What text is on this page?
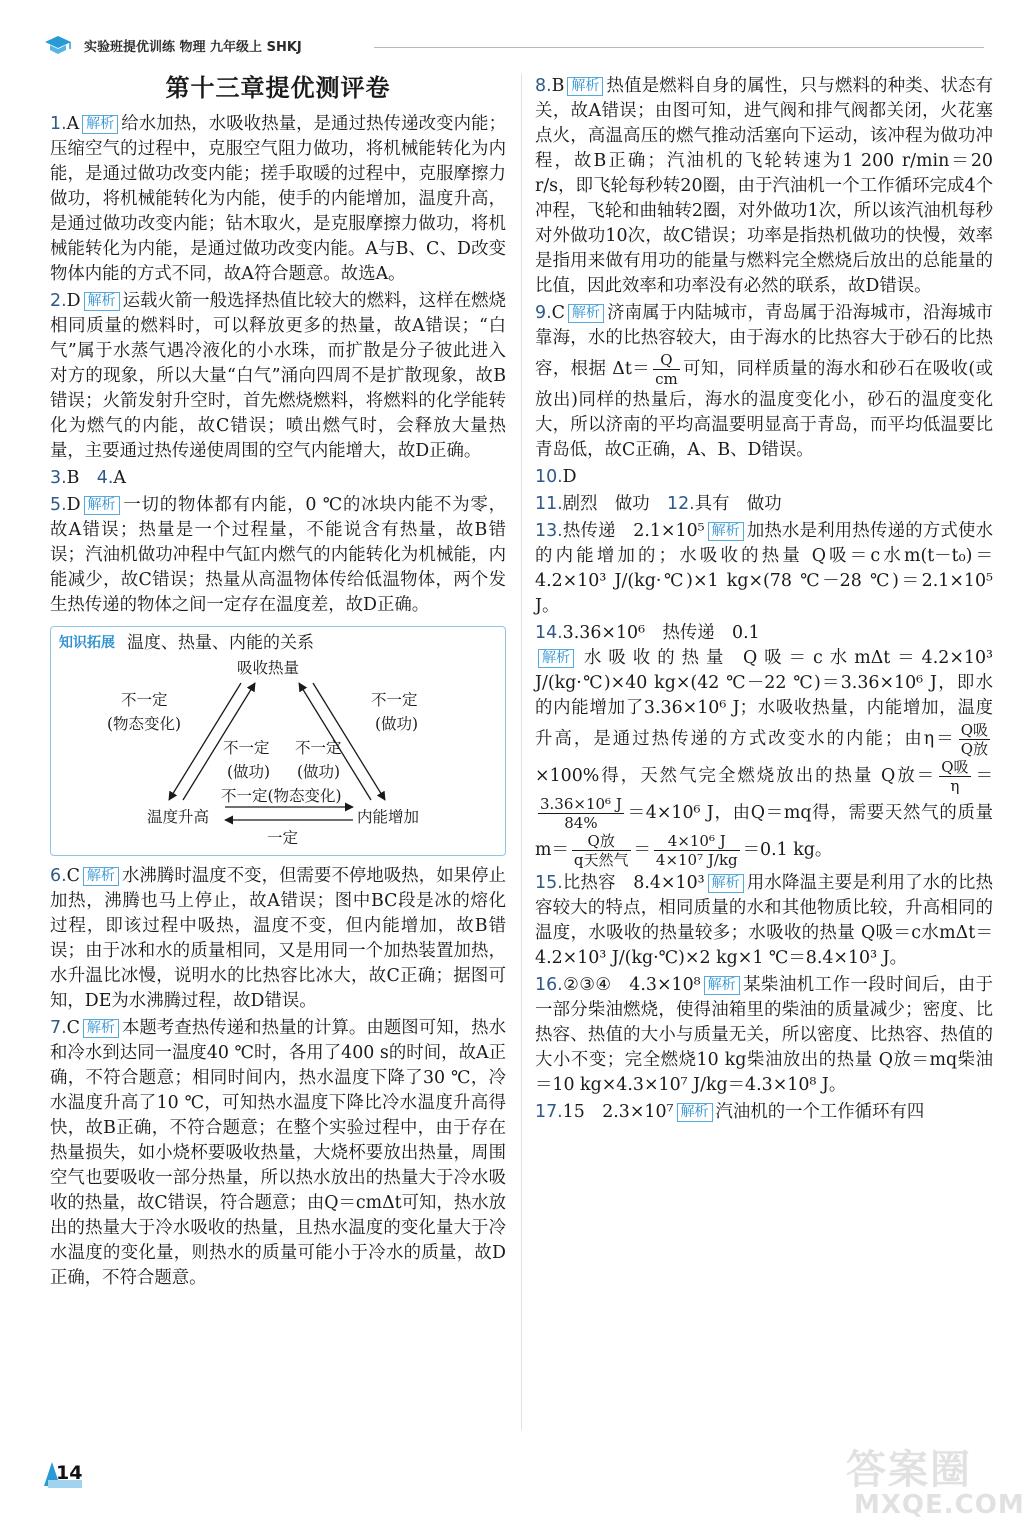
实验班提优训练 物理 九年级上 SHKJ
第十三章提优测评卷

1.A 解析 给水加热，水吸收热量，是通过热传递改变内能；压缩空气的过程中，克服空气阻力做功，将机械能转化为内能，是通过做功改变内能；搓手取暖的过程中，克服摩擦力做功，将机械能转化为内能，使手的内能增加，温度升高，是通过做功改变内能；钻木取火，是克服摩擦力做功，将机械能转化为内能，是通过做功改变内能。A与B、C、D改变物体内能的方式不同，故A符合题意。故选A。

2.D 解析 运载火箭一般选择热值比较大的燃料，这样在燃烧相同质量的燃料时，可以释放更多的热量，故A错误；“白气”属于水蒸气遇冷液化的小水珠，而扩散是分子彼此进入对方的现象，所以大量“白气”涌向四周不是扩散现象，故B错误；火箭发射升空时，首先燃烧燃料，将燃料的化学能转化为燃气的内能，故C错误；喷出燃气时，会释放大量热量，主要通过热传递使周围的空气内能增大，故D正确。

3.B　 4.A

5.D 解析 一切的物体都有内能，0 ℃的冰块内能不为零，故A错误；热量是一个过程量，不能说含有热量，故B错误；汽油机做功冲程中气缸内燃气的内能转化为机械能，内能减少，故C错误；热量从高温物体传给低温物体，两个发生热传递的物体之间一定存在温度差，故D正确。

知识拓展 温度、热量、内能的关系
吸收热量
温度升高	内能增加
不一定
(物态变化)
不一定
(做功)
不一定
(做功)
不一定
(做功)
不一定(物态变化)
一定

6.C 解析 水沸腾时温度不变，但需要不停地吸热，如果停止加热，沸腾也马上停止，故A错误；图中BC段是冰的熔化过程，即该过程中吸热，温度不变，但内能增加，故B错误；由于冰和水的质量相同，又是用同一个加热装置加热，水升温比冰慢，说明水的比热容比冰大，故C正确；据图可知，DE为水沸腾过程，故D错误。

7.C 解析 本题考查热传递和热量的计算。由题图可知，热水和冷水到达同一温度40 ℃时，各用了400 s的时间，故A正确，不符合题意；相同时间内，热水温度下降了30 ℃，冷水温度升高了10 ℃，可知热水温度下降比冷水温度升高得快，故B正确，不符合题意；在整个实验过程中，由于存在热量损失，如小烧杯要吸收热量，大烧杯要放出热量，周围空气也要吸收一部分热量，所以热水放出的热量大于冷水吸收的热量，故C错误，符合题意；由Q＝cmΔt可知，热水放出的热量大于冷水吸收的热量，且热水温度的变化量大于冷水温度的变化量，则热水的质量可能小于冷水的质量，故D正确，不符合题意。

8.B 解析 热值是燃料自身的属性，只与燃料的种类、状态有关，故A错误；由图可知，进气阀和排气阀都关闭，火花塞点火，高温高压的燃气推动活塞向下运动，该冲程为做功冲程，故B正确；汽油机的飞轮转速为1 200 r/min＝20 r/s，即飞轮每秒转20圈，由于汽油机一个工作循环完成4个冲程，飞轮和曲轴转2圈，对外做功1次，所以该汽油机每秒对外做功10次，故C错误；功率是指热机做功的快慢，效率是指用来做有用功的能量与燃料完全燃烧后放出的总能量的比值，因此效率和功率没有必然的联系，故D错误。

9.C 解析 济南属于内陆城市，青岛属于沿海城市，沿海城市靠海，水的比热容较大，由于海水的比热容大于砂石的比热容，根据 $\Delta t= \frac{Q}{cm}$ 可知，同样质量的海水和砂石在吸收(或放出)同样的热量后，海水的温度变化小，砂石的温度变化大，所以济南的平均高温要明显高于青岛，而平均低温要比青岛低，故C正确，A、B、D错误。

10.D

11.剧烈　做功　 12.具有　做功

13.热传递　2.1×10⁵ 解析 加热水是利用热传递的方式使水的内能增加的；水吸收的热量 Q吸＝c水m(t－t₀)＝4.2×10³ J/(kg·℃)×1 kg×(78 ℃－28 ℃)＝2.1×10⁵ J。

14.3.36×10⁶　热传递　0.1
解析 水吸收的热量 Q吸＝c水mΔt＝4.2×10³ J/(kg·℃)×40 kg×(42 ℃－22 ℃)＝3.36×10⁶ J，即水的内能增加了3.36×10⁶ J；水吸收热量，内能增加，温度升高，是通过热传递的方式改变水的内能；由η＝ Q吸
Q放
×100%得，天然气完全燃烧放出的热量 Q放＝ Q吸
η ＝
$\frac{\text{3.36×10⁶ J}}{84\%} =4\times 10^6$ J，由Q＝mq得，需要天然气的质量 m＝	Q放
q天然气 ＝ $\frac{\text{4×10⁶ J}}{\text{4×10⁷ J/kg}} =0.1$ kg。

15.比热容　8.4×10³ 解析 用水降温主要是利用了水的比热容较大的特点，相同质量的水和其他物质比较，升高相同的温度，水吸收的热量较多；水吸收的热量 Q吸＝c水mΔt＝4.2×10³ J/(kg·℃)×2 kg×1 ℃＝8.4×10³ J。

16.②③④　4.3×10⁸ 解析 某柴油机工作一段时间后，由于一部分柴油燃烧，使得油箱里的柴油的质量减少；密度、比热容、热值的大小与质量无关，所以密度、比热容、热值的大小不变；完全燃烧10 kg柴油放出的热量 Q放＝mq柴油＝10 kg×4.3×10⁷ J/kg＝4.3×10⁸ J。

17.15　2.3×10⁷ 解析 汽油机的一个工作循环有四

14	答案圈
MXQE.COM
